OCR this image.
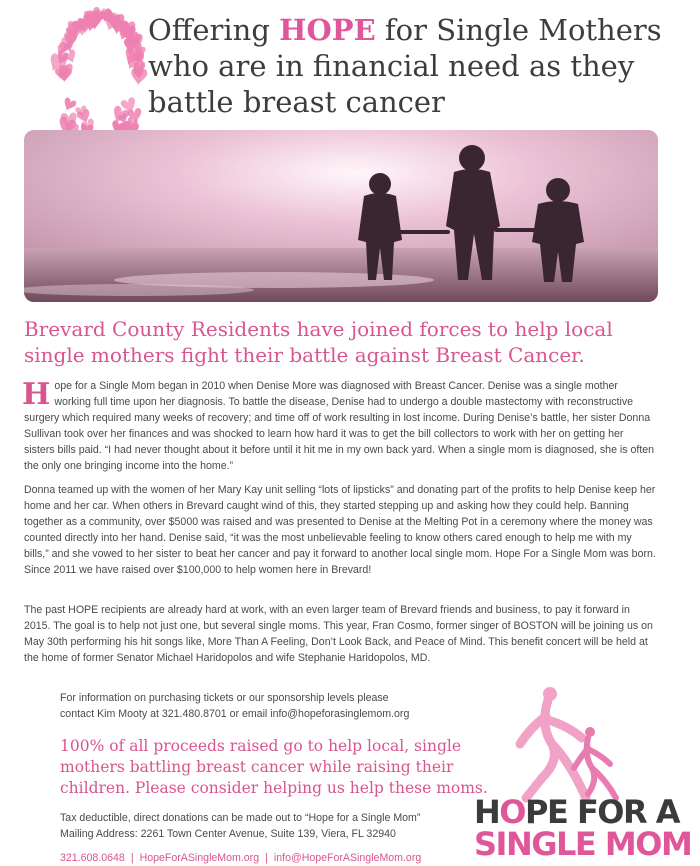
Offering HOPE for Single Mothers who are in financial need as they battle breast cancer
Brevard County Residents have joined forces to help local single mothers fight their battle against Breast Cancer.

Hope for a Single Mom began in 2010 when Denise More was diagnosed with Breast Cancer. Denise was a single mother working full time upon her diagnosis. To battle the disease, Denise had to undergo a double mastectomy with reconstructive surgery which required many weeks of recovery; and time off of work resulting in lost income. During Denise’s battle, her sister Donna Sullivan took over her finances and was shocked to learn how hard it was to get the bill collectors to work with her on getting her sisters bills paid. “I had never thought about it before until it hit me in my own back yard. When a single mom is diagnosed, she is often the only one bringing income into the home.”

Donna teamed up with the women of her Mary Kay unit selling “lots of lipsticks” and donating part of the profits to help Denise keep her home and her car. When others in Brevard caught wind of this, they started stepping up and asking how they could help. Banning together as a community, over $5000 was raised and was presented to Denise at the Melting Pot in a ceremony where the money was counted directly into her hand. Denise said, “it was the most unbelievable feeling to know others cared enough to help me with my bills,” and she vowed to her sister to beat her cancer and pay it forward to another local single mom. Hope For a Single Mom was born. Since 2011 we have raised over $100,000 to help women here in Brevard!

The past HOPE recipients are already hard at work, with an even larger team of Brevard friends and business, to pay it forward in 2015. The goal is to help not just one, but several single moms. This year, Fran Cosmo, former singer of BOSTON will be joining us on May 30th performing his hit songs like, More Than A Feeling, Don’t Look Back, and Peace of Mind. This benefit concert will be held at the home of former Senator Michael Haridopolos and wife Stephanie Haridopolos, MD.

For information on purchasing tickets or our sponsorship levels please
contact Kim Mooty at 321.480.8701 or email info@hopeforasinglemom.org
100% of all proceeds raised go to help local, single mothers battling breast cancer while raising their children. Please consider helping us help these moms.
Tax deductible, direct donations can be made out to “Hope for a Single Mom”
Mailing Address: 2261 Town Center Avenue, Suite 139, Viera, FL 32940
321.608.0648 | HopeForASingleMom.org | info@HopeForASingleMom.org
HOPE FOR A
SINGLE MOM
